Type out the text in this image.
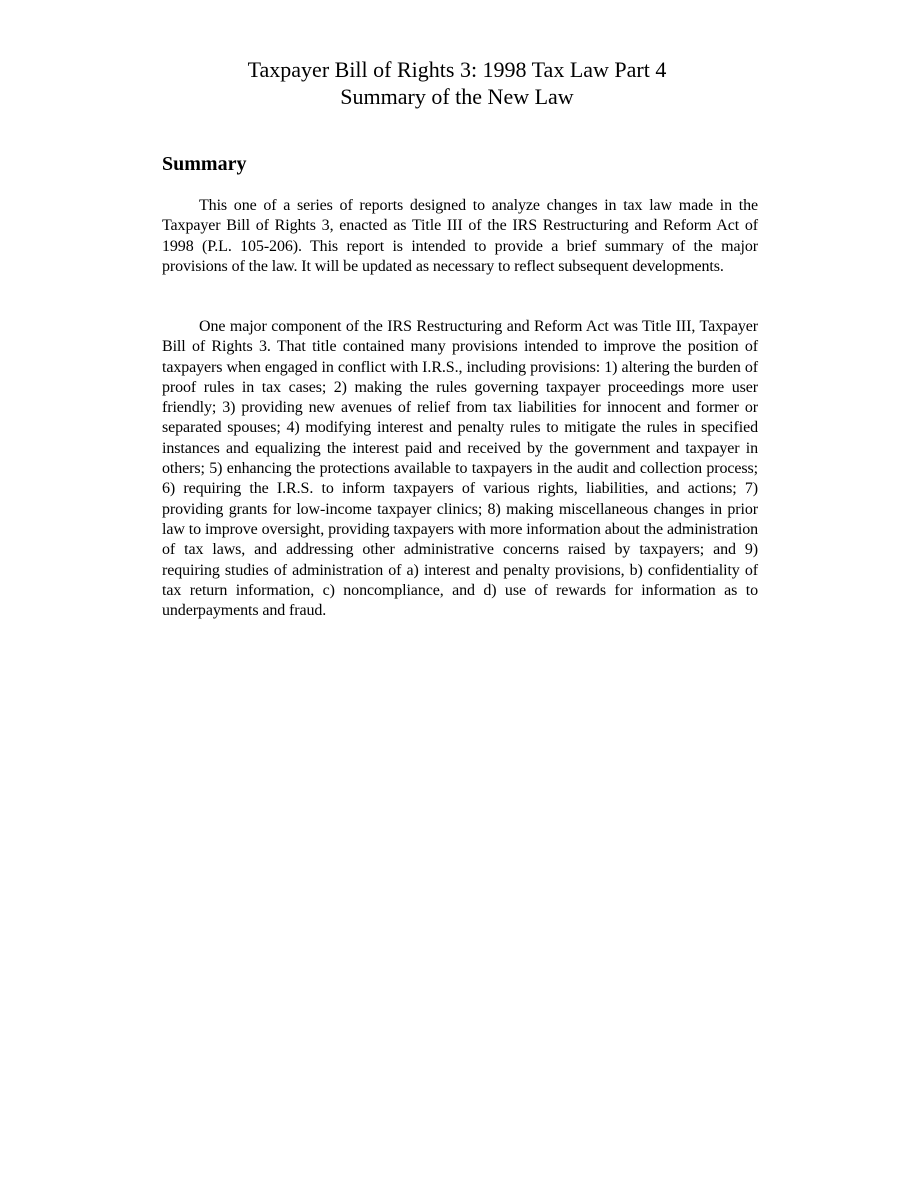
Taxpayer Bill of Rights 3: 1998 Tax Law Part 4
Summary of the New Law
Summary

This one of a series of reports designed to analyze changes in tax law made in the Taxpayer Bill of Rights 3, enacted as Title III of the IRS Restructuring and Reform Act of 1998 (P.L. 105-206). This report is intended to provide a brief summary of the major provisions of the law. It will be updated as necessary to reflect subsequent developments.

One major component of the IRS Restructuring and Reform Act was Title III, Taxpayer Bill of Rights 3. That title contained many provisions intended to improve the position of taxpayers when engaged in conflict with I.R.S., including provisions: 1) altering the burden of proof rules in tax cases; 2) making the rules governing taxpayer proceedings more user friendly; 3) providing new avenues of relief from tax liabilities for innocent and former or separated spouses; 4) modifying interest and penalty rules to mitigate the rules in specified instances and equalizing the interest paid and received by the government and taxpayer in others; 5) enhancing the protections available to taxpayers in the audit and collection process; 6) requiring the I.R.S. to inform taxpayers of various rights, liabilities, and actions; 7) providing grants for low-income taxpayer clinics; 8) making miscellaneous changes in prior law to improve oversight, providing taxpayers with more information about the administration of tax laws, and addressing other administrative concerns raised by taxpayers; and 9) requiring studies of administration of a) interest and penalty provisions, b) confidentiality of tax return information, c) noncompliance, and d) use of rewards for information as to underpayments and fraud.
